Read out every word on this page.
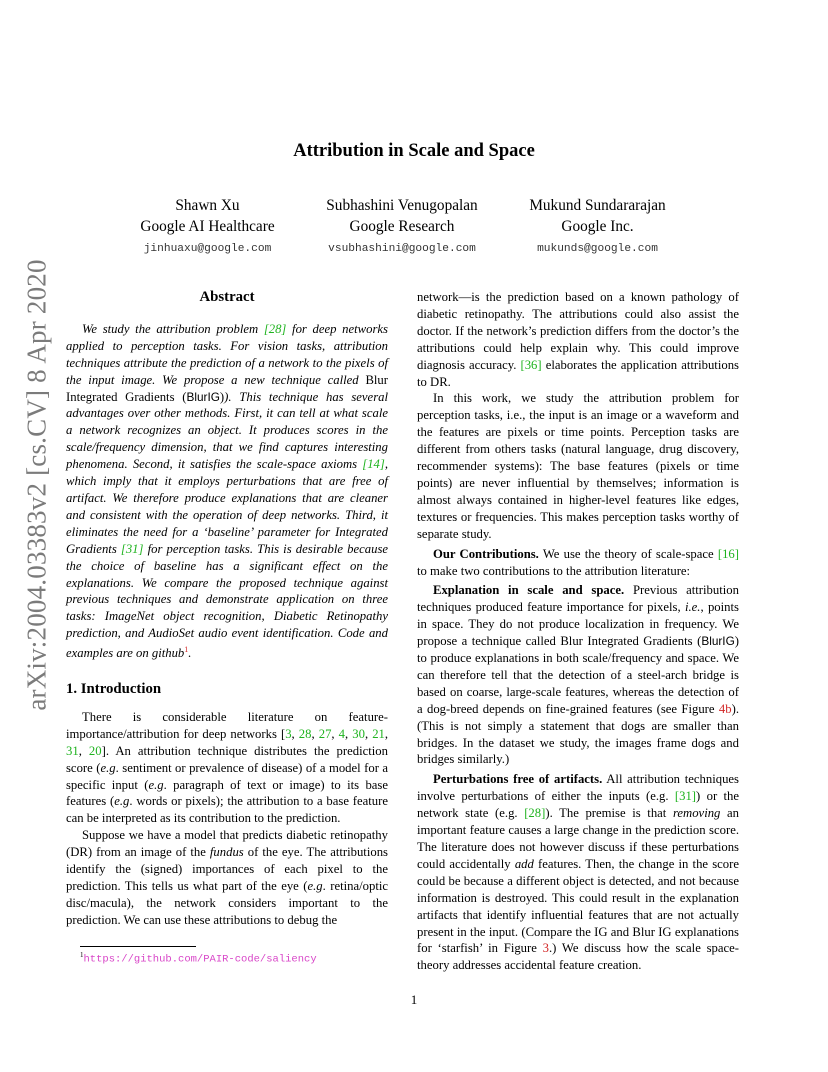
arXiv:2004.03383v2 [cs.CV] 8 Apr 2020
Attribution in Scale and Space
Shawn Xu
Google AI Healthcare
jinhuaxu@google.com
Subhashini Venugopalan
Google Research
vsubhashini@google.com
Mukund Sundararajan
Google Inc.
mukunds@google.com
Abstract

We study the attribution problem [28] for deep networks applied to perception tasks. For vision tasks, attribution techniques attribute the prediction of a network to the pixels of the input image. We propose a new technique called Blur Integrated Gradients (BlurIG)). This technique has several advantages over other methods. First, it can tell at what scale a network recognizes an object. It produces scores in the scale/frequency dimension, that we find captures interesting phenomena. Second, it satisfies the scale-space axioms [14], which imply that it employs perturbations that are free of artifact. We therefore produce explanations that are cleaner and consistent with the operation of deep networks. Third, it eliminates the need for a ‘baseline’ parameter for Integrated Gradients [31] for perception tasks. This is desirable because the choice of baseline has a significant effect on the explanations. We compare the proposed technique against previous techniques and demonstrate application on three tasks: ImageNet object recognition, Diabetic Retinopathy prediction, and AudioSet audio event identification. Code and examples are on github$^1$.

1. Introduction

There is considerable literature on feature-importance/attribution for deep networks [3, 28, 27, 4, 30, 21, 31, 20]. An attribution technique distributes the prediction score (e.g. sentiment or prevalence of disease) of a model for a specific input (e.g. paragraph of text or image) to its base features (e.g. words or pixels); the attribution to a base feature can be interpreted as its contribution to the prediction.

Suppose we have a model that predicts diabetic retinopathy (DR) from an image of the fundus of the eye. The attributions identify the (signed) importances of each pixel to the prediction. This tells us what part of the eye (e.g. retina/optic disc/macula), the network considers important to the prediction. We can use these attributions to debug the

$^1$https://github.com/PAIR-code/saliency

network—is the prediction based on a known pathology of diabetic retinopathy. The attributions could also assist the doctor. If the network’s prediction differs from the doctor’s the attributions could help explain why. This could improve diagnosis accuracy. [36] elaborates the application attributions to DR.

In this work, we study the attribution problem for perception tasks, i.e., the input is an image or a waveform and the features are pixels or time points. Perception tasks are different from others tasks (natural language, drug discovery, recommender systems): The base features (pixels or time points) are never influential by themselves; information is almost always contained in higher-level features like edges, textures or frequencies. This makes perception tasks worthy of separate study.

Our Contributions. We use the theory of scale-space [16] to make two contributions to the attribution literature:

Explanation in scale and space. Previous attribution techniques produced feature importance for pixels, i.e., points in space. They do not produce localization in frequency. We propose a technique called Blur Integrated Gradients (BlurIG) to produce explanations in both scale/frequency and space. We can therefore tell that the detection of a steel-arch bridge is based on coarse, large-scale features, whereas the detection of a dog-breed depends on fine-grained features (see Figure 4b). (This is not simply a statement that dogs are smaller than bridges. In the dataset we study, the images frame dogs and bridges similarly.)

Perturbations free of artifacts. All attribution techniques involve perturbations of either the inputs (e.g. [31]) or the network state (e.g. [28]). The premise is that removing an important feature causes a large change in the prediction score. The literature does not however discuss if these perturbations could accidentally add features. Then, the change in the score could be because a different object is detected, and not because information is destroyed. This could result in the explanation artifacts that identify influential features that are not actually present in the input. (Compare the IG and Blur IG explanations for ‘starfish’ in Figure 3.) We discuss how the scale space-theory addresses accidental feature creation.

1
